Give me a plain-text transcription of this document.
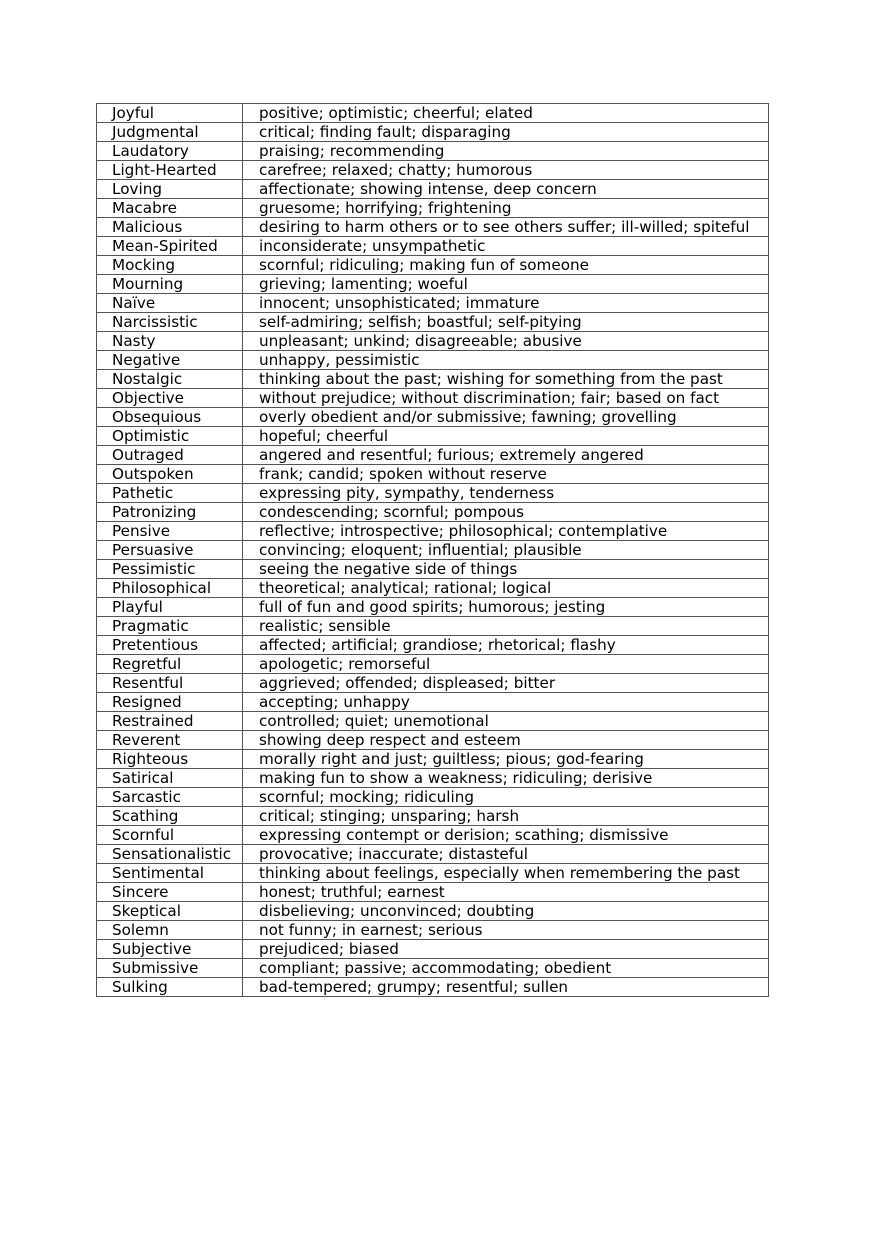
Joyful	positive; optimistic; cheerful; elated
Judgmental	critical; finding fault; disparaging
Laudatory	praising; recommending
Light-Hearted	carefree; relaxed; chatty; humorous
Loving	affectionate; showing intense, deep concern
Macabre	gruesome; horrifying; frightening
Malicious	desiring to harm others or to see others suffer; ill-willed; spiteful
Mean-Spirited	inconsiderate; unsympathetic
Mocking	scornful; ridiculing; making fun of someone
Mourning	grieving; lamenting; woeful
Naïve	innocent; unsophisticated; immature
Narcissistic	self-admiring; selfish; boastful; self-pitying
Nasty	unpleasant; unkind; disagreeable; abusive
Negative	unhappy, pessimistic
Nostalgic	thinking about the past; wishing for something from the past
Objective	without prejudice; without discrimination; fair; based on fact
Obsequious	overly obedient and/or submissive; fawning; grovelling
Optimistic	hopeful; cheerful
Outraged	angered and resentful; furious; extremely angered
Outspoken	frank; candid; spoken without reserve
Pathetic	expressing pity, sympathy, tenderness
Patronizing	condescending; scornful; pompous
Pensive	reflective; introspective; philosophical; contemplative
Persuasive	convincing; eloquent; influential; plausible
Pessimistic	seeing the negative side of things
Philosophical	theoretical; analytical; rational; logical
Playful	full of fun and good spirits; humorous; jesting
Pragmatic	realistic; sensible
Pretentious	affected; artificial; grandiose; rhetorical; flashy
Regretful	apologetic; remorseful
Resentful	aggrieved; offended; displeased; bitter
Resigned	accepting; unhappy
Restrained	controlled; quiet; unemotional
Reverent	showing deep respect and esteem
Righteous	morally right and just; guiltless; pious; god-fearing
Satirical	making fun to show a weakness; ridiculing; derisive
Sarcastic	scornful; mocking; ridiculing
Scathing	critical; stinging; unsparing; harsh
Scornful	expressing contempt or derision; scathing; dismissive
Sensationalistic	provocative; inaccurate; distasteful
Sentimental	thinking about feelings, especially when remembering the past
Sincere	honest; truthful; earnest
Skeptical	disbelieving; unconvinced; doubting
Solemn	not funny; in earnest; serious
Subjective	prejudiced; biased
Submissive	compliant; passive; accommodating; obedient
Sulking	bad-tempered; grumpy; resentful; sullen
